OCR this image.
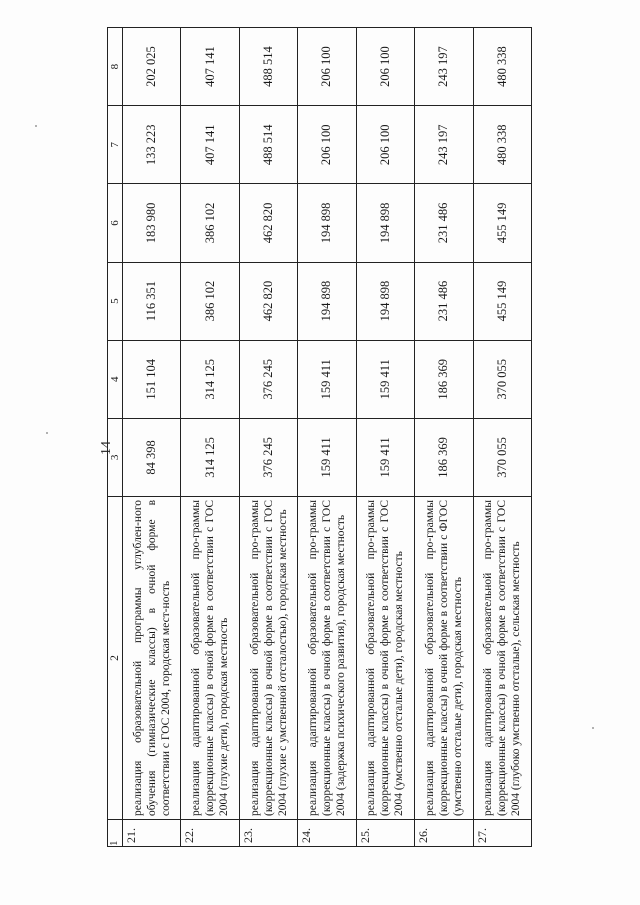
14
1	2	3	4	5	6	7	8
21.	реализация образовательной программы углублен-ного обучения (гимназические классы) в очной форме в соответствии с ГОС 2004, городская мест-ность	84 398	151 104	116 351	183 980	133 223	202 025
22.	реализация адаптированной образовательной про-граммы (коррекционные классы) в очной форме в соответствии с ГОС 2004 (глухие дети), городская местность	314 125	314 125	386 102	386 102	407 141	407 141
23.	реализация адаптированной образовательной про-граммы (коррекционные классы) в очной форме в соответствии с ГОС 2004 (глухие с умственной отсталостью), городская местность	376 245	376 245	462 820	462 820	488 514	488 514
24.	реализация адаптированной образовательной про-граммы (коррекционные классы) в очной форме в соответствии с ГОС 2004 (задержка психического развития), городская местность	159 411	159 411	194 898	194 898	206 100	206 100
25.	реализация адаптированной образовательной про-граммы (коррекционные классы) в очной форме в соответствии с ГОС 2004 (умственно отсталые дети), городская местность	159 411	159 411	194 898	194 898	206 100	206 100
26.	реализация адаптированной образовательной про-граммы (коррекционные классы) в очной форме в соответствии с ФГОС (умственно отсталые дети), городская местность	186 369	186 369	231 486	231 486	243 197	243 197
27.	реализация адаптированной образовательной про-граммы (коррекционные классы) в очной форме в соответствии с ГОС 2004 (глубоко умственно отсталые), сельская местность	370 055	370 055	455 149	455 149	480 338	480 338
